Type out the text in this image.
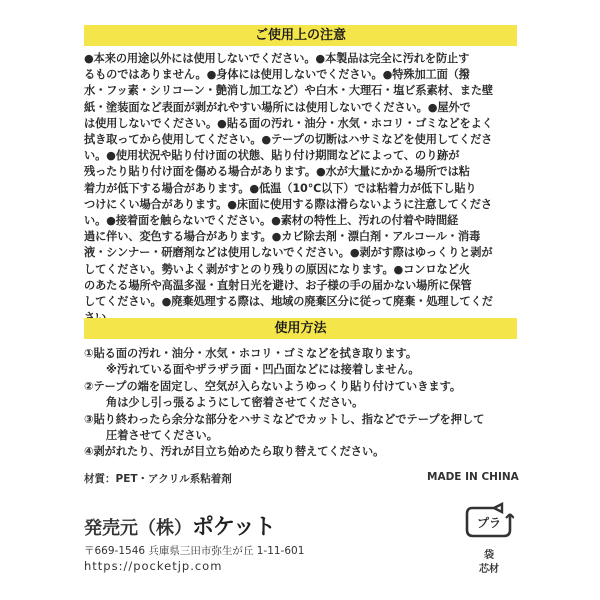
ご使用上の注意
●本来の用途以外には使用しないでください。●本製品は完全に汚れを防止す
るものではありません。●身体には使用しないでください。●特殊加工面（撥
水・フッ素・シリコーン・艶消し加工など）や白木・大理石・塩ビ系素材、また壁
紙・塗装面など表面が剥がれやすい場所には使用しないでください。●屋外で
は使用しないでください。●貼る面の汚れ・油分・水気・ホコリ・ゴミなどをよく
拭き取ってから使用してください。●テープの切断はハサミなどを使用してくださ
い。●使用状況や貼り付け面の状態、貼り付け期間などによって、のり跡が
残ったり貼り付け面を傷める場合があります。●水が大量にかかる場所では粘
着力が低下する場合があります。●低温（10℃以下）では粘着力が低下し貼り
つけにくい場合があります。●床面に使用する際は滑らないように注意してくださ
い。●接着面を触らないでください。●素材の特性上、汚れの付着や時間経
過に伴い、変色する場合があります。●カビ除去剤・漂白剤・アルコール・消毒
液・シンナー・研磨剤などは使用しないでください。●剥がす際はゆっくりと剥が
してください。勢いよく剥がすとのり残りの原因になります。●コンロなど火
のあたる場所や高温多湿・直射日光を避け、お子様の手の届かない場所に保管
してください。●廃棄処理する際は、地域の廃棄区分に従って廃棄・処理してくだ
使用方法
①貼る面の汚れ・油分・水気・ホコリ・ゴミなどを拭き取ります。
※汚れている面やザラザラ面・凹凸面などには接着しません。
②テープの端を固定し、空気が入らないようゆっくり貼り付けていきます。
角は少し引っ張るようにして密着させてください。
③貼り終わったら余分な部分をハサミなどでカットし、指などでテープを押して
圧着させてください。
④剥がれたり、汚れが目立ち始めたら取り替えてください。
材質：PET・アクリル系粘着剤	MADE IN CHINA
発売元（株）ポケット
〒669-1546 兵庫県三田市弥生が丘 1-11-601
https://pocketjp.com
プラ
袋
芯材
